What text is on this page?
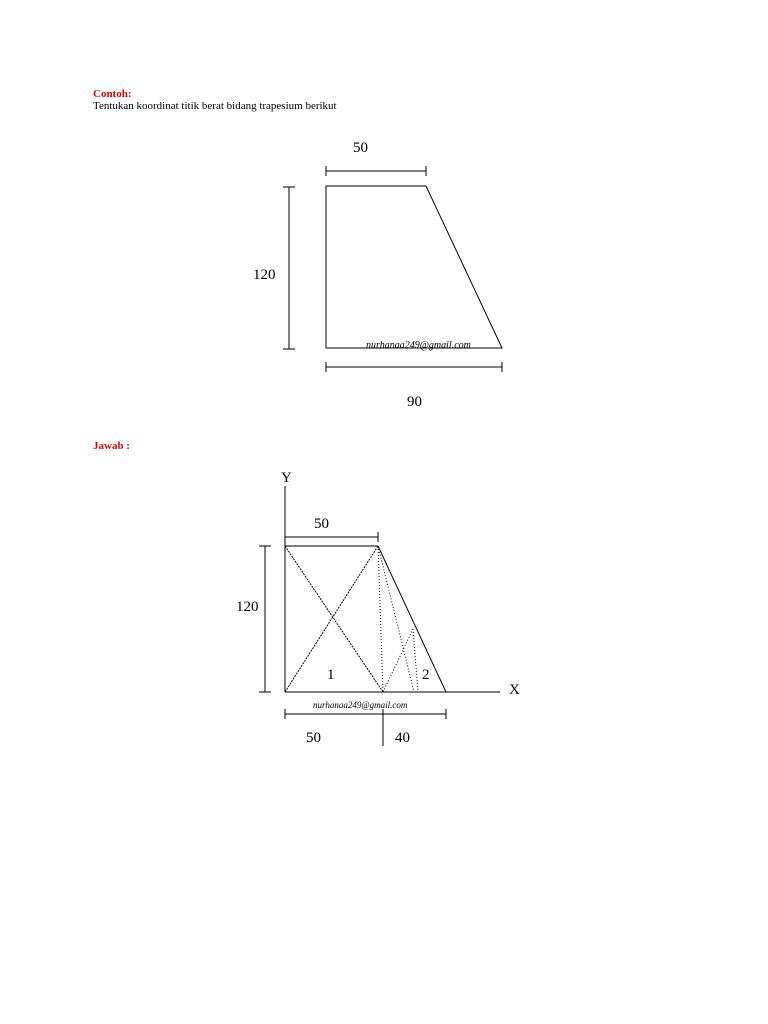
Contoh:
Tentukan koordinat titik berat bidang trapesium berikut
50
120
nurhanaa249@gmail.com
90
Jawab :
Y
X
50
120
1	2
nurhanaa249@gmail.com
50	40
